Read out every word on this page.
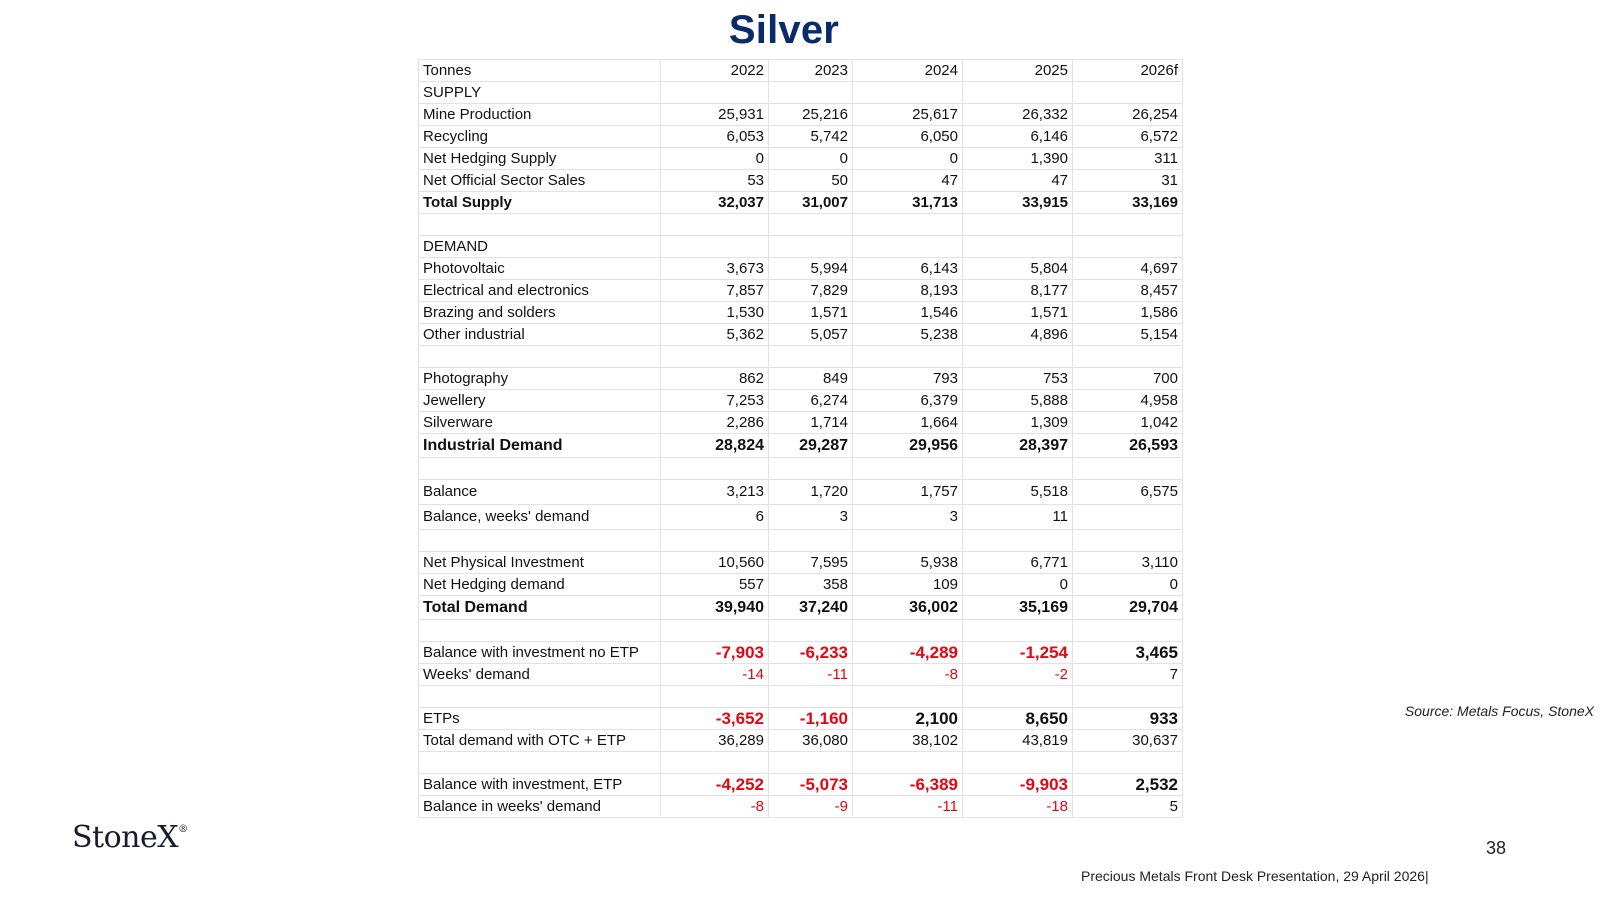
Silver
Tonnes	2022	2023	2024	2025	2026f
SUPPLY					
Mine Production	25,931	25,216	25,617	26,332	26,254
Recycling	6,053	5,742	6,050	6,146	6,572
Net Hedging Supply	0	0	0	1,390	311
Net Official Sector Sales	53	50	47	47	31
Total Supply	32,037	31,007	31,713	33,915	33,169

DEMAND					
Photovoltaic	3,673	5,994	6,143	5,804	4,697
Electrical and electronics	7,857	7,829	8,193	8,177	8,457
Brazing and solders	1,530	1,571	1,546	1,571	1,586
Other industrial	5,362	5,057	5,238	4,896	5,154

Photography	862	849	793	753	700
Jewellery	7,253	6,274	6,379	5,888	4,958
Silverware	2,286	1,714	1,664	1,309	1,042
Industrial Demand	28,824	29,287	29,956	28,397	26,593

Balance	3,213	1,720	1,757	5,518	6,575
Balance, weeks' demand	6	3	3	11	

Net Physical Investment	10,560	7,595	5,938	6,771	3,110
Net Hedging demand	557	358	109	0	0
Total Demand	39,940	37,240	36,002	35,169	29,704

Balance with investment no ETP	-7,903	-6,233	-4,289	-1,254	3,465
Weeks' demand	-14	-11	-8	-2	7

ETPs	-3,652	-1,160	2,100	8,650	933
Total demand with OTC + ETP	36,289	36,080	38,102	43,819	30,637

Balance with investment, ETP	-4,252	-5,073	-6,389	-9,903	2,532
Balance in weeks' demand	-8	-9	-11	-18	5
Source: Metals Focus, StoneX
StoneX®
38
Precious Metals Front Desk Presentation, 29 April 2026|
